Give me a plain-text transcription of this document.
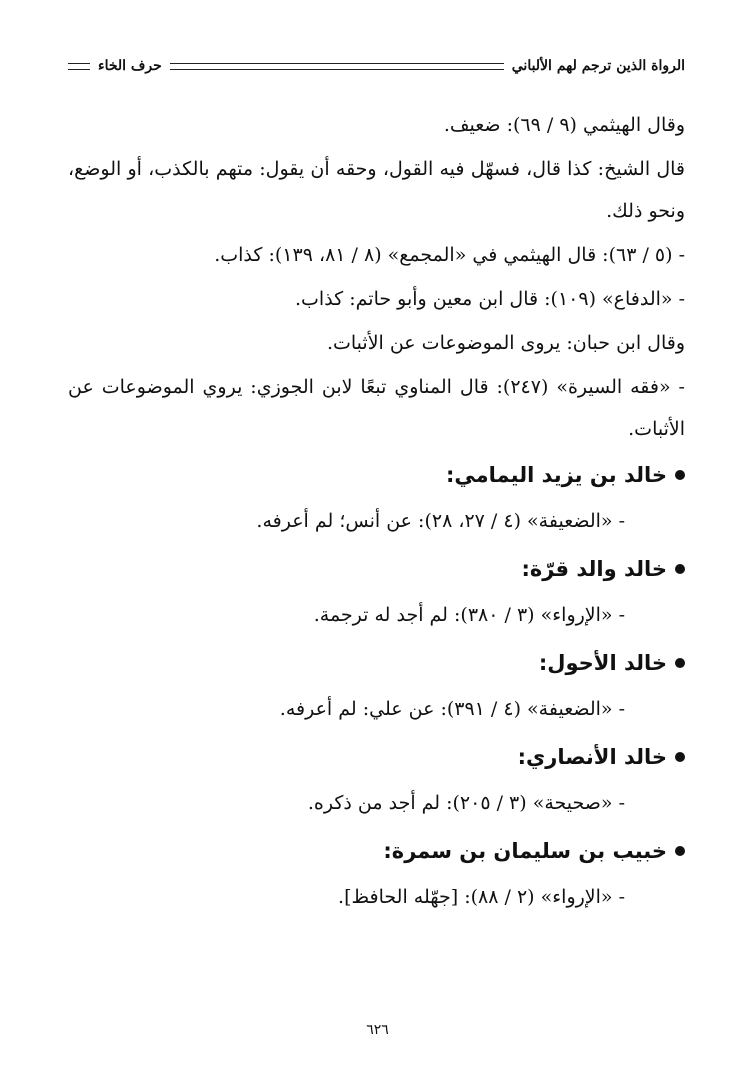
الرواة الذين ترجم لهم الألباني
حرف الخاء
وقال الهيثمي (٩ / ٦٩): ضعيف.
قال الشيخ: كذا قال، فسهّل فيه القول، وحقه أن يقول: متهم بالكذب، أو الوضع، ونحو ذلك.
- (٥ / ٦٣): قال الهيثمي في «المجمع» (٨ / ٨١، ١٣٩): كذاب.
- «الدفاع» (١٠٩): قال ابن معين وأبو حاتم: كذاب.
وقال ابن حبان: يروى الموضوعات عن الأثبات.
- «فقه السيرة» (٢٤٧): قال المناوي تبعًا لابن الجوزي: يروي الموضوعات عن الأثبات.
خالد بن يزيد اليمامي:
- «الضعيفة» (٤ / ٢٧، ٢٨): عن أنس؛ لم أعرفه.
خالد والد قرّة:
- «الإرواء» (٣ / ٣٨٠): لم أجد له ترجمة.
خالد الأحول:
- «الضعيفة» (٤ / ٣٩١): عن علي: لم أعرفه.
خالد الأنصاري:
- «صحيحة» (٣ / ٢٠٥): لم أجد من ذكره.
خبيب بن سليمان بن سمرة:
- «الإرواء» (٢ / ٨٨): [جهّله الحافظ].
٦٢٦
